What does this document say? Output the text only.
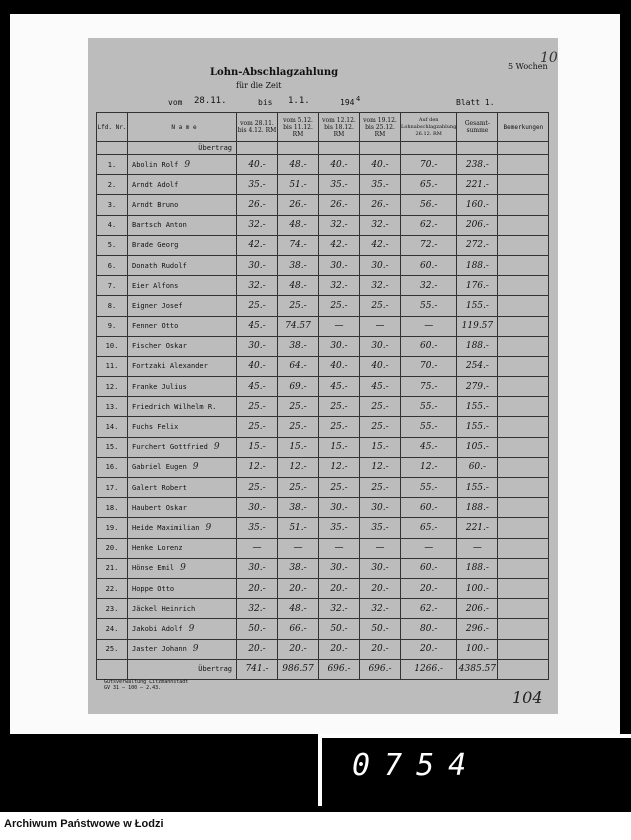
Lohn-Abschlagzahlung
für die Zeit
5 Wochen
10
vom 28.11.	bis 1.1.	194 4	Blatt 1.
Lfd. Nr.	N a m e	vom 28.11. bis 4.12. RM	vom 5.12. bis 11.12. RM	vom 12.12. bis 18.12. RM	vom 19.12. bis 25.12. RM	Auf den Lohnabschlagzahlung 26.12. RM	Gesamt-summe	Bemerkungen
	Übertrag							
1.	Abolin Rolf 9	40.-	48.-	40.-	40.-	70.-	238.-	
2.	Arndt Adolf	35.-	51.-	35.-	35.-	65.-	221.-	
3.	Arndt Bruno	26.-	26.-	26.-	26.-	56.-	160.-	
4.	Bartsch Anton	32.-	48.-	32.-	32.-	62.-	206.-	
5.	Brade Georg	42.-	74.-	42.-	42.-	72.-	272.-	
6.	Donath Rudolf	30.-	38.-	30.-	30.-	60.-	188.-	
7.	Eier Alfons	32.-	48.-	32.-	32.-	32.-	176.-	
8.	Eigner Josef	25.-	25.-	25.-	25.-	55.-	155.-	
9.	Fenner Otto	45.-	74.57	—	—	—	119.57	
10.	Fischer Oskar	30.-	38.-	30.-	30.-	60.-	188.-	
11.	Fortzaki Alexander	40.-	64.-	40.-	40.-	70.-	254.-	
12.	Franke Julius	45.-	69.-	45.-	45.-	75.-	279.-	
13.	Friedrich Wilhelm R.	25.-	25.-	25.-	25.-	55.-	155.-	
14.	Fuchs Felix	25.-	25.-	25.-	25.-	55.-	155.-	
15.	Furchert Gottfried 9	15.-	15.-	15.-	15.-	45.-	105.-	
16.	Gabriel Eugen 9	12.-	12.-	12.-	12.-	12.-	60.-	
17.	Galert Robert	25.-	25.-	25.-	25.-	55.-	155.-	
18.	Haubert Oskar	30.-	38.-	30.-	30.-	60.-	188.-	
19.	Heide Maximilian 9	35.-	51.-	35.-	35.-	65.-	221.-	
20.	Henke Lorenz	—	—	—	—	—	—	
21.	Hönse Emil 9	30.-	38.-	30.-	30.-	60.-	188.-	
22.	Hoppe Otto	20.-	20.-	20.-	20.-	20.-	100.-	
23.	Jäckel Heinrich	32.-	48.-	32.-	32.-	62.-	206.-	
24.	Jakobi Adolf 9	50.-	66.-	50.-	50.-	80.-	296.-	
25.	Jaster Johann 9	20.-	20.-	20.-	20.-	20.-	100.-	
	Übertrag	741.-	986.57	696.-	696.-	1266.-	4385.57	
Gutsverwaltung Litzmannstadt
GV 31 — 100 — 2.43.	104
0754
Archiwum Państwowe w Łodzi
